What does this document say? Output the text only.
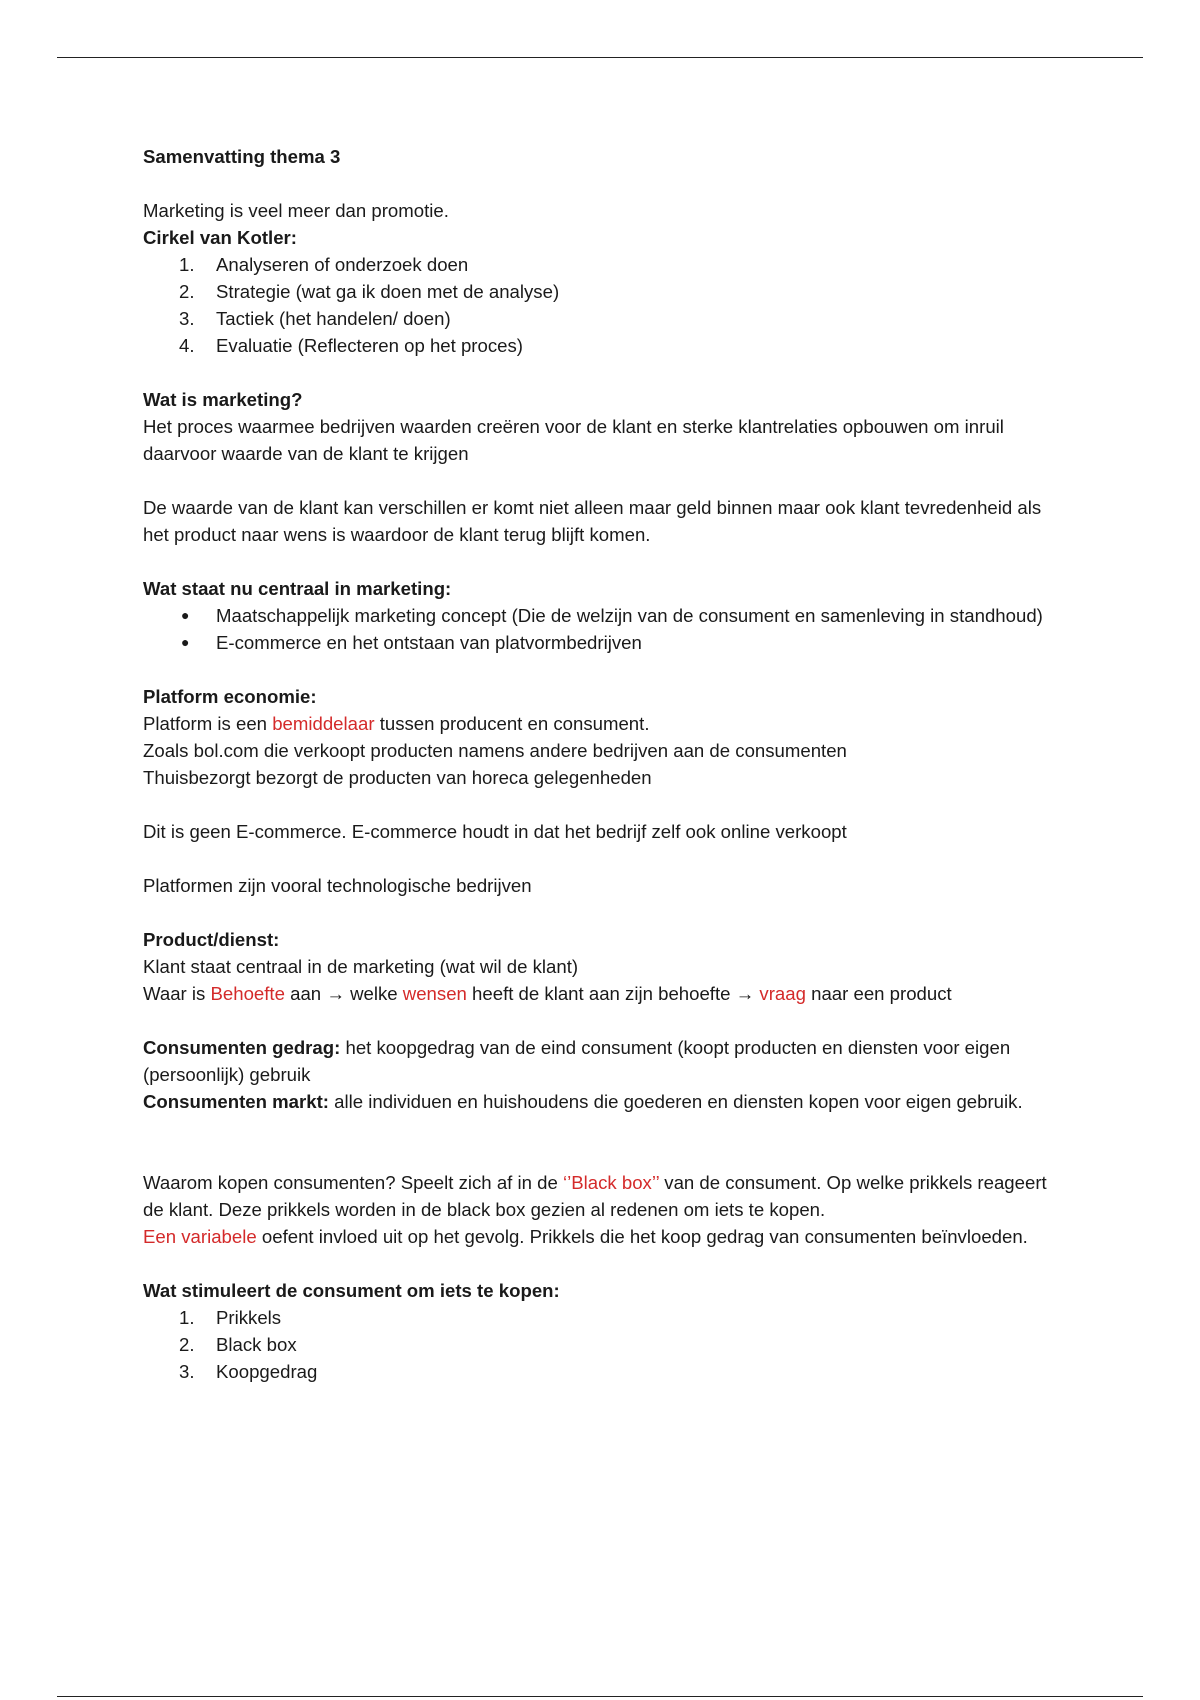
Samenvatting thema 3

Marketing is veel meer dan promotie.

Cirkel van Kotler:

1.	Analyseren of onderzoek doen
2.	Strategie (wat ga ik doen met de analyse)
3.	Tactiek (het handelen/ doen)
4.	Evaluatie (Reflecteren op het proces)

Wat is marketing?

Het proces waarmee bedrijven waarden creëren voor de klant en sterke klantrelaties opbouwen om inruil daarvoor waarde van de klant te krijgen

De waarde van de klant kan verschillen er komt niet alleen maar geld binnen maar ook klant tevredenheid als het product naar wens is waardoor de klant terug blijft komen.

Wat staat nu centraal in marketing:

● Maatschappelijk marketing concept (Die de welzijn van de consument en samenleving in standhoud)
● E-commerce en het ontstaan van platvormbedrijven

Platform economie:

Platform is een bemiddelaar tussen producent en consument.

Zoals bol.com die verkoopt producten namens andere bedrijven aan de consumenten

Thuisbezorgt bezorgt de producten van horeca gelegenheden

Dit is geen E-commerce. E-commerce houdt in dat het bedrijf zelf ook online verkoopt

Platformen zijn vooral technologische bedrijven

Product/dienst:

Klant staat centraal in de marketing (wat wil de klant)

Waar is Behoefte aan → welke wensen heeft de klant aan zijn behoefte → vraag naar een product

Consumenten gedrag: het koopgedrag van de eind consument (koopt producten en diensten voor eigen (persoonlijk) gebruik

Consumenten markt: alle individuen en huishoudens die goederen en diensten kopen voor eigen gebruik.

Waarom kopen consumenten? Speelt zich af in de ‘’Black box’’ van de consument. Op welke prikkels reageert de klant. Deze prikkels worden in de black box gezien al redenen om iets te kopen.

Een variabele oefent invloed uit op het gevolg. Prikkels die het koop gedrag van consumenten beïnvloeden.

Wat stimuleert de consument om iets te kopen:

1.	Prikkels
2.	Black box
3.	Koopgedrag
